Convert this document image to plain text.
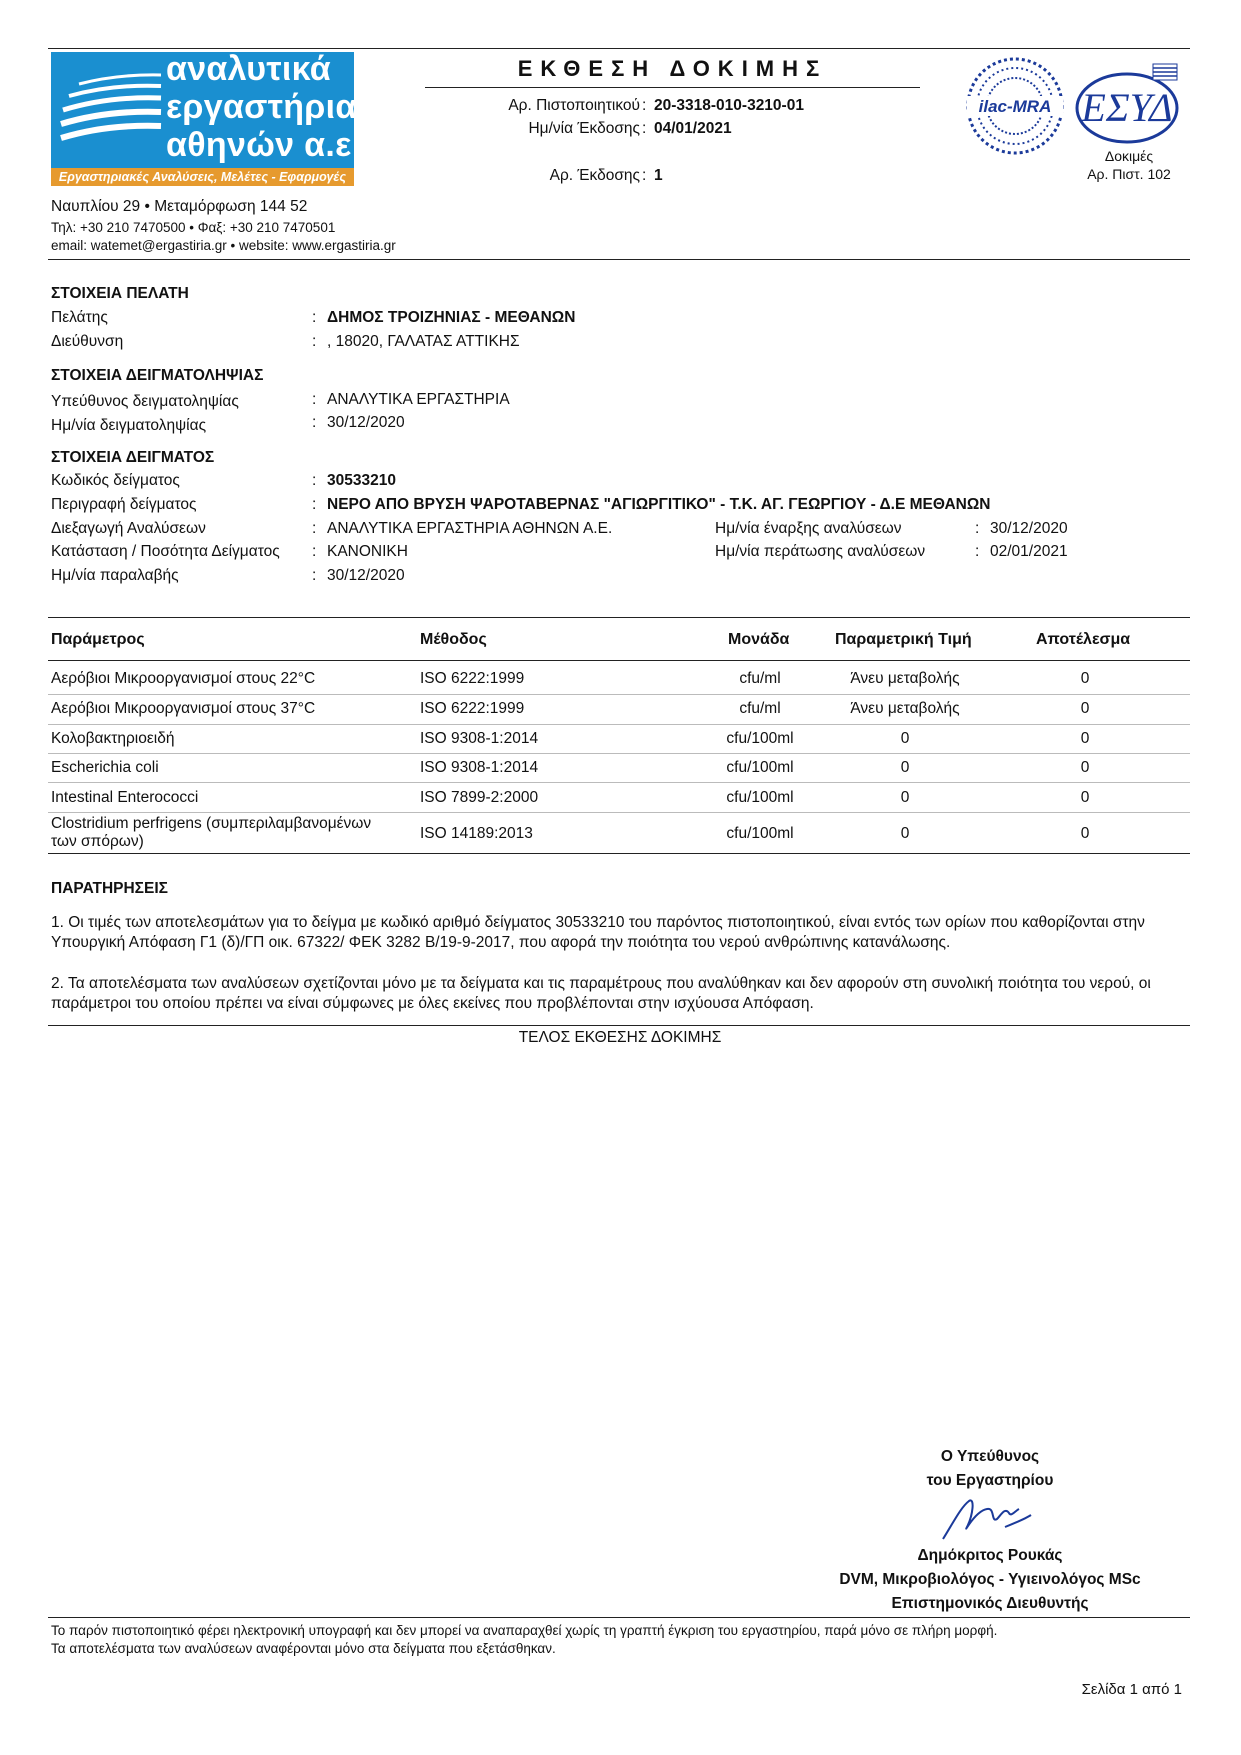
αναλυτικά
εργαστήρια
αθηνών α.ε
Εργαστηριακές Αναλύσεις, Μελέτες - Εφαρμογές
ΕΚΘΕΣΗ ΔΟΚΙΜΗΣ
Αρ. Πιστοποιητικού : 20-3318-010-3210-01
Ημ/νία Έκδοσης : 04/01/2021
Αρ. Έκδοσης : 1
ilac-MRA ΕΣΥΔ
Δοκιμές
Αρ. Πιστ. 102
Ναυπλίου 29 • Μεταμόρφωση 144 52
Τηλ: +30 210 7470500 • Φαξ: +30 210 7470501
email: watemet@ergastiria.gr • website: www.ergastiria.gr
ΣΤΟΙΧΕΙΑ ΠΕΛΑΤΗ
Πελάτης	: ΔΗΜΟΣ ΤΡΟΙΖΗΝΙΑΣ - ΜΕΘΑΝΩΝ
Διεύθυνση	: , 18020, ΓΑΛΑΤΑΣ ΑΤΤΙΚΗΣ
ΣΤΟΙΧΕΙΑ ΔΕΙΓΜΑΤΟΛΗΨΙΑΣ
Υπεύθυνος δειγματοληψίας	: ΑΝΑΛΥΤΙΚΑ ΕΡΓΑΣΤΗΡΙΑ
Ημ/νία δειγματοληψίας	: 30/12/2020
ΣΤΟΙΧΕΙΑ ΔΕΙΓΜΑΤΟΣ
Κωδικός δείγματος	: 30533210
Περιγραφή δείγματος	: ΝΕΡΟ ΑΠΟ ΒΡΥΣΗ ΨΑΡΟΤΑΒΕΡΝΑΣ "ΑΓΙΩΡΓΙΤΙΚΟ" - Τ.Κ. ΑΓ. ΓΕΩΡΓΙΟΥ - Δ.Ε ΜΕΘΑΝΩΝ
Διεξαγωγή Αναλύσεων	: ΑΝΑΛΥΤΙΚΑ ΕΡΓΑΣΤΗΡΙΑ ΑΘΗΝΩΝ Α.Ε.	Ημ/νία έναρξης αναλύσεων	: 30/12/2020
Κατάσταση / Ποσότητα Δείγματος : ΚΑΝΟΝΙΚΗ	Ημ/νία περάτωσης αναλύσεων	: 02/01/2021
Ημ/νία παραλαβής	: 30/12/2020
Παράμετρος	Μέθοδος	Μονάδα	Παραμετρική Τιμή	Αποτέλεσμα
Αερόβιοι Μικροοργανισμοί στους 22°C	ISO 6222:1999	cfu/ml	Άνευ μεταβολής	0
Αερόβιοι Μικροοργανισμοί στους 37°C	ISO 6222:1999	cfu/ml	Άνευ μεταβολής	0
Κολοβακτηριοειδή	ISO 9308-1:2014	cfu/100ml	0	0
Escherichia coli	ISO 9308-1:2014	cfu/100ml	0	0
Intestinal Enterococci	ISO 7899-2:2000	cfu/100ml	0	0
Clostridium perfrigens (συμπεριλαμβανομένων των σπόρων)	ISO 14189:2013	cfu/100ml	0	0
ΠΑΡΑΤΗΡΗΣΕΙΣ
1. Οι τιμές των αποτελεσμάτων για το δείγμα με κωδικό αριθμό δείγματος 30533210 του παρόντος πιστοποιητικού, είναι εντός των ορίων που καθορίζονται στην Υπουργική Απόφαση Γ1 (δ)/ΓΠ οικ. 67322/ ΦΕΚ 3282 Β/19-9-2017, που αφορά την ποιότητα του νερού ανθρώπινης κατανάλωσης.
2. Τα αποτελέσματα των αναλύσεων σχετίζονται μόνο με τα δείγματα και τις παραμέτρους που αναλύθηκαν και δεν αφορούν στη συνολική ποιότητα του νερού, οι παράμετροι του οποίου πρέπει να είναι σύμφωνες με όλες εκείνες που προβλέπονται στην ισχύουσα Απόφαση.
ΤΕΛΟΣ ΕΚΘΕΣΗΣ ΔΟΚΙΜΗΣ
Ο Υπεύθυνος
του Εργαστηρίου
Δημόκριτος Ρουκάς
DVM, Μικροβιολόγος - Υγιεινολόγος MSc
Επιστημονικός Διευθυντής
Το παρόν πιστοποιητικό φέρει ηλεκτρονική υπογραφή και δεν μπορεί να αναπαραχθεί χωρίς τη γραπτή έγκριση του εργαστηρίου, παρά μόνο σε πλήρη μορφή.
Τα αποτελέσματα των αναλύσεων αναφέρονται μόνο στα δείγματα που εξετάσθηκαν.
Σελίδα 1 από 1
